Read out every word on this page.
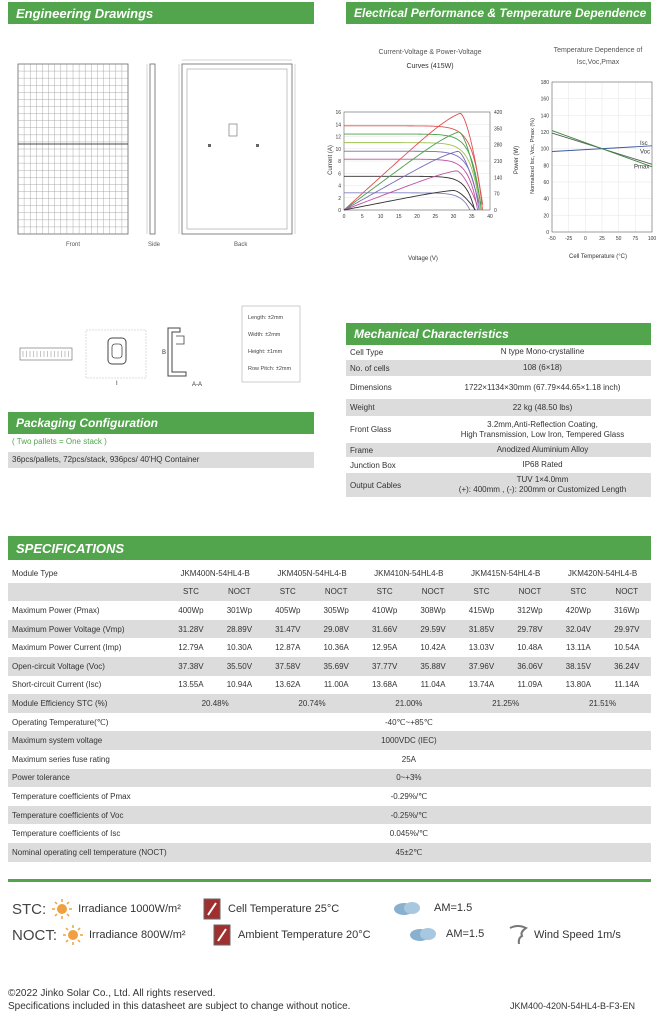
Engineering Drawings	Electrical Performance & Temperature Dependence
Front	Side	Back
Current-Voltage & Power-Voltage
Curves (415W)
0
2
4
6
8
10
12
14
16
0	5	10	15	20	25	30	35	40
0
70
140
210
280
350
420
Voltage (V)
Current (A)	Power (W)
Temperature Dependence of
Isc,Voc,Pmax
0
20
40
60
80
100
120
140
160
180
-50 -25 0 25 50 75 100
Isc
Voc
Pmax
Cell Temperature (°C)
Normalized Isc, Voc, Pmax (%)
I
B
A-A
Length: ±2mm
Width: ±2mm
Height: ±1mm
Row Pitch: ±2mm
Packaging Configuration
( Two pallets = One stack )
36pcs/pallets, 72pcs/stack, 936pcs/ 40'HQ Container
Mechanical Characteristics
Cell Type	N type Mono-crystalline
No. of cells	108 (6×18)
Dimensions	1722×1134×30mm (67.79×44.65×1.18 inch)
Weight	22 kg (48.50 lbs)
Front Glass
3.2mm,Anti-Reflection Coating,
High Transmission, Low Iron, Tempered Glass
Frame	Anodized Aluminium Alloy
Junction Box	IP68 Rated
Output Cables
TUV 1×4.0mm
(+): 400mm , (-): 200mm or Customized Length
SPECIFICATIONS
Module Type	JKM400N-54HL4-B		JKM405N-54HL4-B		JKM410N-54HL4-B		JKM415N-54HL4-B		JKM420N-54HL4-B	
	STC	NOCT	STC	NOCT	STC	NOCT	STC	NOCT	STC	NOCT
Maximum Power (Pmax)	400Wp	301Wp	405Wp	305Wp	410Wp	308Wp	415Wp	312Wp	420Wp	316Wp
Maximum Power Voltage (Vmp)	31.28V	28.89V	31.47V	29.08V	31.66V	29.59V	31.85V	29.78V	32.04V	29.97V
Maximum Power Current (Imp)	12.79A	10.30A	12.87A	10.36A	12.95A	10.42A	13.03V	10.48A	13.11A	10.54A
Open-circuit Voltage (Voc)	37.38V	35.50V	37.58V	35.69V	37.77V	35.88V	37.96V	36.06V	38.15V	36.24V
Short-circuit Current (Isc)	13.55A	10.94A	13.62A	11.00A	13.68A	11.04A	13.74A	11.09A	13.80A	11.14A
Module Efficiency STC (%)	20.48%		20.74%		21.00%		21.25%		21.51%	
Operating Temperature(℃)	-40℃~+85℃									
Maximum system voltage	1000VDC (IEC)									
Maximum series fuse rating	25A									
Power tolerance	0~+3%									
Temperature coefficients of Pmax	-0.29%/℃									
Temperature coefficients of Voc	-0.25%/℃									
Temperature coefficients of Isc	0.045%/℃									
Nominal operating cell temperature (NOCT)	45±2℃									
STC:	Irradiance 1000W/m²	Cell Temperature 25°C	AM=1.5
NOCT:	Irradiance 800W/m²	Ambient Temperature 20°C	AM=1.5	Wind Speed 1m/s
©2022 Jinko Solar Co., Ltd. All rights reserved.
Specifications included in this datasheet are subject to change without notice.	JKM400-420N-54HL4-B-F3-EN
